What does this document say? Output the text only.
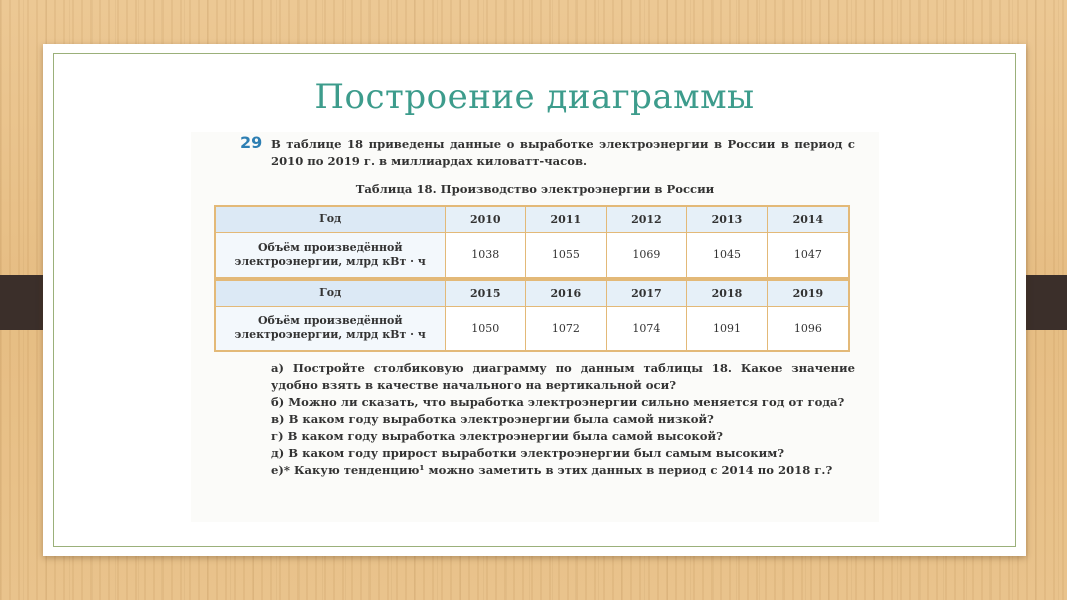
Построение диаграммы
29 В таблице 18 приведены данные о выработке электроэнергии в России в период с 2010 по 2019 г. в миллиардах киловатт-часов.
Таблица 18. Производство электроэнергии в России
Год	2010	2011	2012	2013	2014
Объём произведённой электроэнергии, млрд кВт · ч	1038	1055	1069	1045	1047

Год	2015	2016	2017	2018	2019
Объём произведённой электроэнергии, млрд кВт · ч	1050	1072	1074	1091	1096
а) Постройте столбиковую диаграмму по данным таблицы 18. Какое значение удобно взять в качестве начального на вертикальной оси?
б) Можно ли сказать, что выработка электроэнергии сильно меняется год от года?
в) В каком году выработка электроэнергии была самой низкой?
г) В каком году выработка электроэнергии была самой высокой?
д) В каком году прирост выработки электроэнергии был самым высоким?
е)* Какую тенденцию¹ можно заметить в этих данных в период с 2014 по 2018 г.?
